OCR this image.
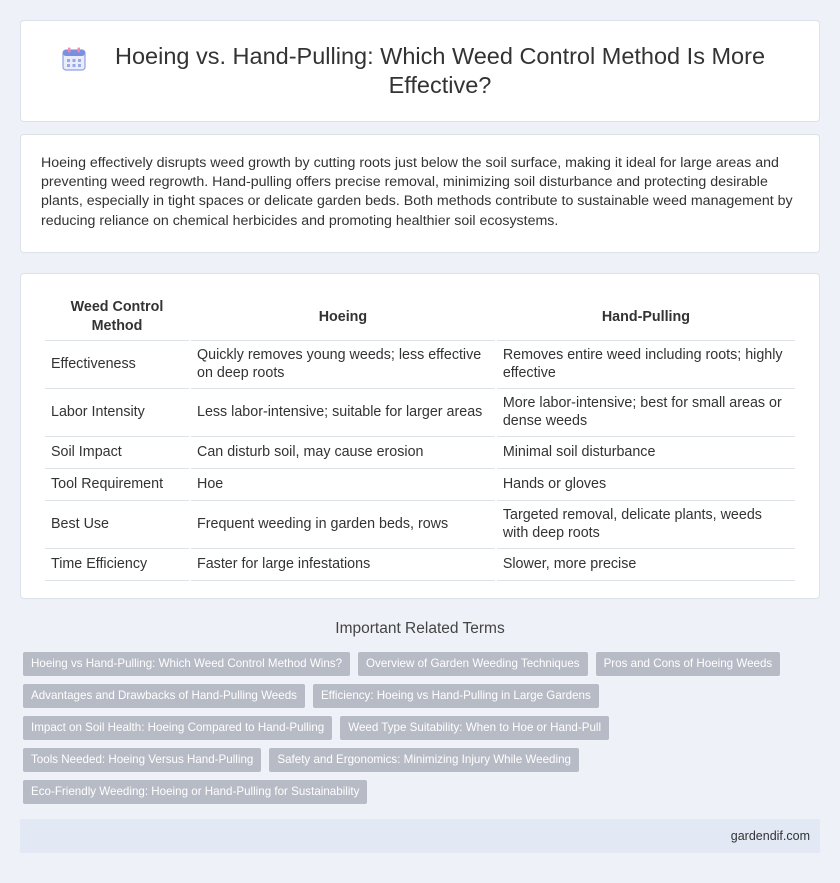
Hoeing vs. Hand-Pulling: Which Weed Control Method Is More Effective?

Hoeing effectively disrupts weed growth by cutting roots just below the soil surface, making it ideal for large areas and preventing weed regrowth. Hand-pulling offers precise removal, minimizing soil disturbance and protecting desirable plants, especially in tight spaces or delicate garden beds. Both methods contribute to sustainable weed management by reducing reliance on chemical herbicides and promoting healthier soil ecosystems.

Weed Control Method	Hoeing	Hand-Pulling
Effectiveness	Quickly removes young weeds; less effective on deep roots	Removes entire weed including roots; highly effective
Labor Intensity	Less labor-intensive; suitable for larger areas	More labor-intensive; best for small areas or dense weeds
Soil Impact	Can disturb soil, may cause erosion	Minimal soil disturbance
Tool Requirement	Hoe	Hands or gloves
Best Use	Frequent weeding in garden beds, rows	Targeted removal, delicate plants, weeds with deep roots
Time Efficiency	Faster for large infestations	Slower, more precise
Important Related Terms
Hoeing vs Hand-Pulling: Which Weed Control Method Wins?	Overview of Garden Weeding Techniques	Pros and Cons of Hoeing Weeds
Advantages and Drawbacks of Hand-Pulling Weeds	Efficiency: Hoeing vs Hand-Pulling in Large Gardens
Impact on Soil Health: Hoeing Compared to Hand-Pulling	Weed Type Suitability: When to Hoe or Hand-Pull
Tools Needed: Hoeing Versus Hand-Pulling	Safety and Ergonomics: Minimizing Injury While Weeding
Eco-Friendly Weeding: Hoeing or Hand-Pulling for Sustainability
gardendif.com
